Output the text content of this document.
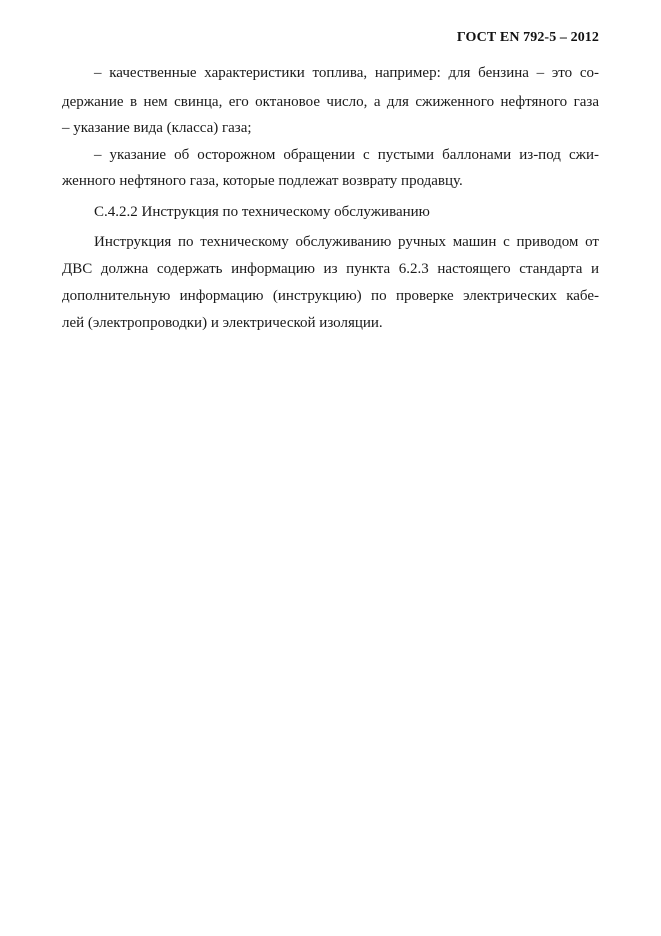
ГОСТ EN 792-5 – 2012
– качественные характеристики топлива, например: для бензина – это со-
держание в нем свинца, его октановое число, а для сжиженного нефтяного газа
– указание вида (класса) газа;
– указание об осторожном обращении с пустыми баллонами из-под сжи-
женного нефтяного газа, которые подлежат возврату продавцу.
С.4.2.2 Инструкция по техническому обслуживанию
Инструкция по техническому обслуживанию ручных машин с приводом от
ДВС должна содержать информацию из пункта 6.2.3 настоящего стандарта и
дополнительную информацию (инструкцию) по проверке электрических кабе-
лей (электропроводки) и электрической изоляции.
